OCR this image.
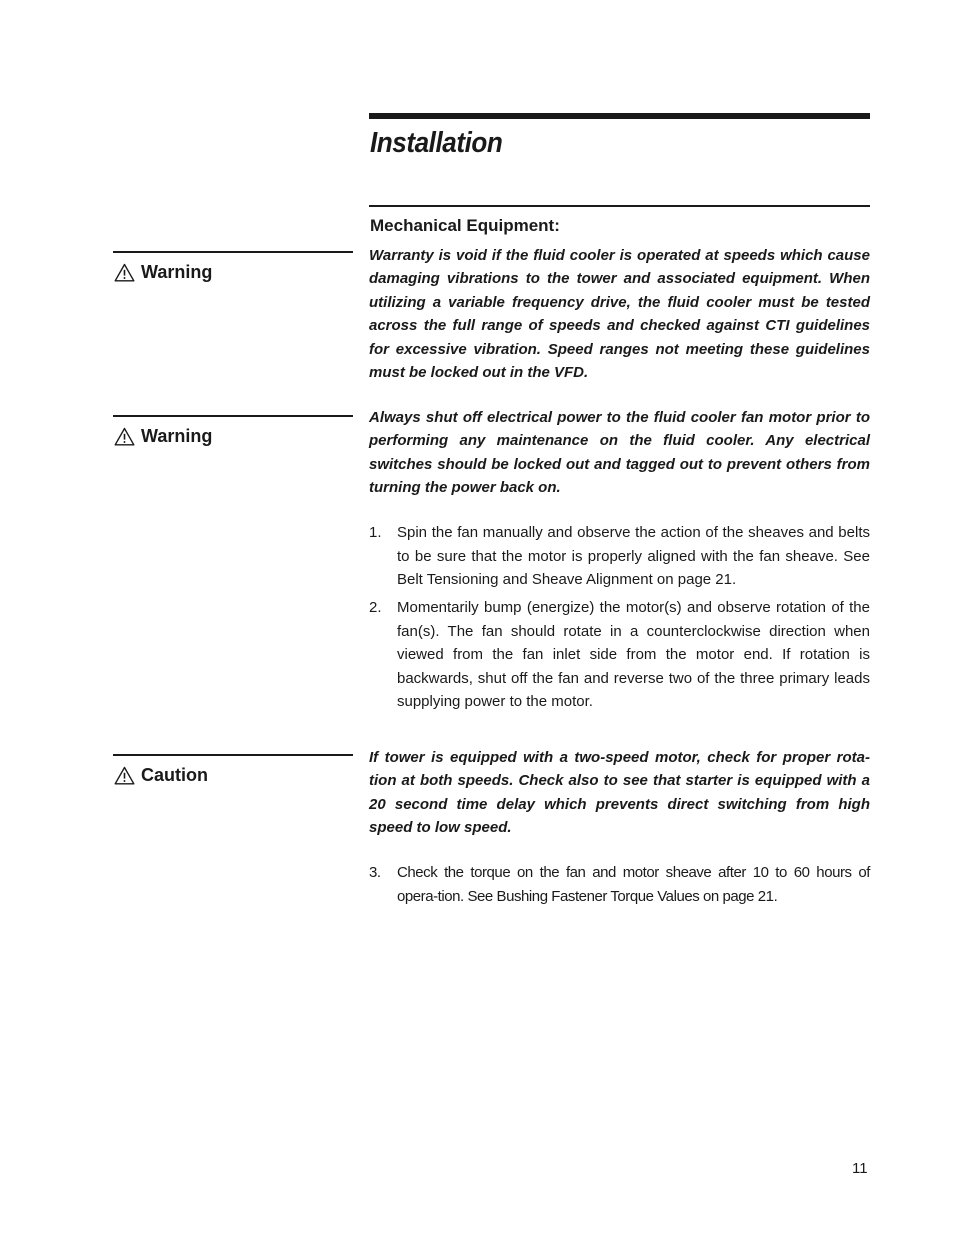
Installation
Mechanical Equipment:
Warning

Warranty is void if the fluid cooler is operated at speeds which cause damaging vibrations to the tower and associated equipment. When utilizing a variable frequency drive, the fluid cooler must be tested across the full range of speeds and checked against CTI guidelines for excessive vibration. Speed ranges not meeting these guidelines must be locked out in the VFD.

Warning

Always shut off electrical power to the fluid cooler fan motor prior to performing any maintenance on the fluid cooler. Any electrical switches should be locked out and tagged out to prevent others from turning the power back on.

1. Spin the fan manually and observe the action of the sheaves and belts to be sure that the motor is properly aligned with the fan sheave. See Belt Tensioning and Sheave Alignment on page 21.
2. Momentarily bump (energize) the motor(s) and observe rotation of the fan(s). The fan should rotate in a counterclockwise direction when viewed from the fan inlet side from the motor end. If rotation is backwards, shut off the fan and reverse two of the three primary leads supplying power to the motor.
Caution

If tower is equipped with a two-speed motor, check for proper rota-tion at both speeds. Check also to see that starter is equipped with a 20 second time delay which prevents direct switching from high speed to low speed.

3. Check the torque on the fan and motor sheave after 10 to 60 hours of opera-tion. See Bushing Fastener Torque Values on page 21.
11
